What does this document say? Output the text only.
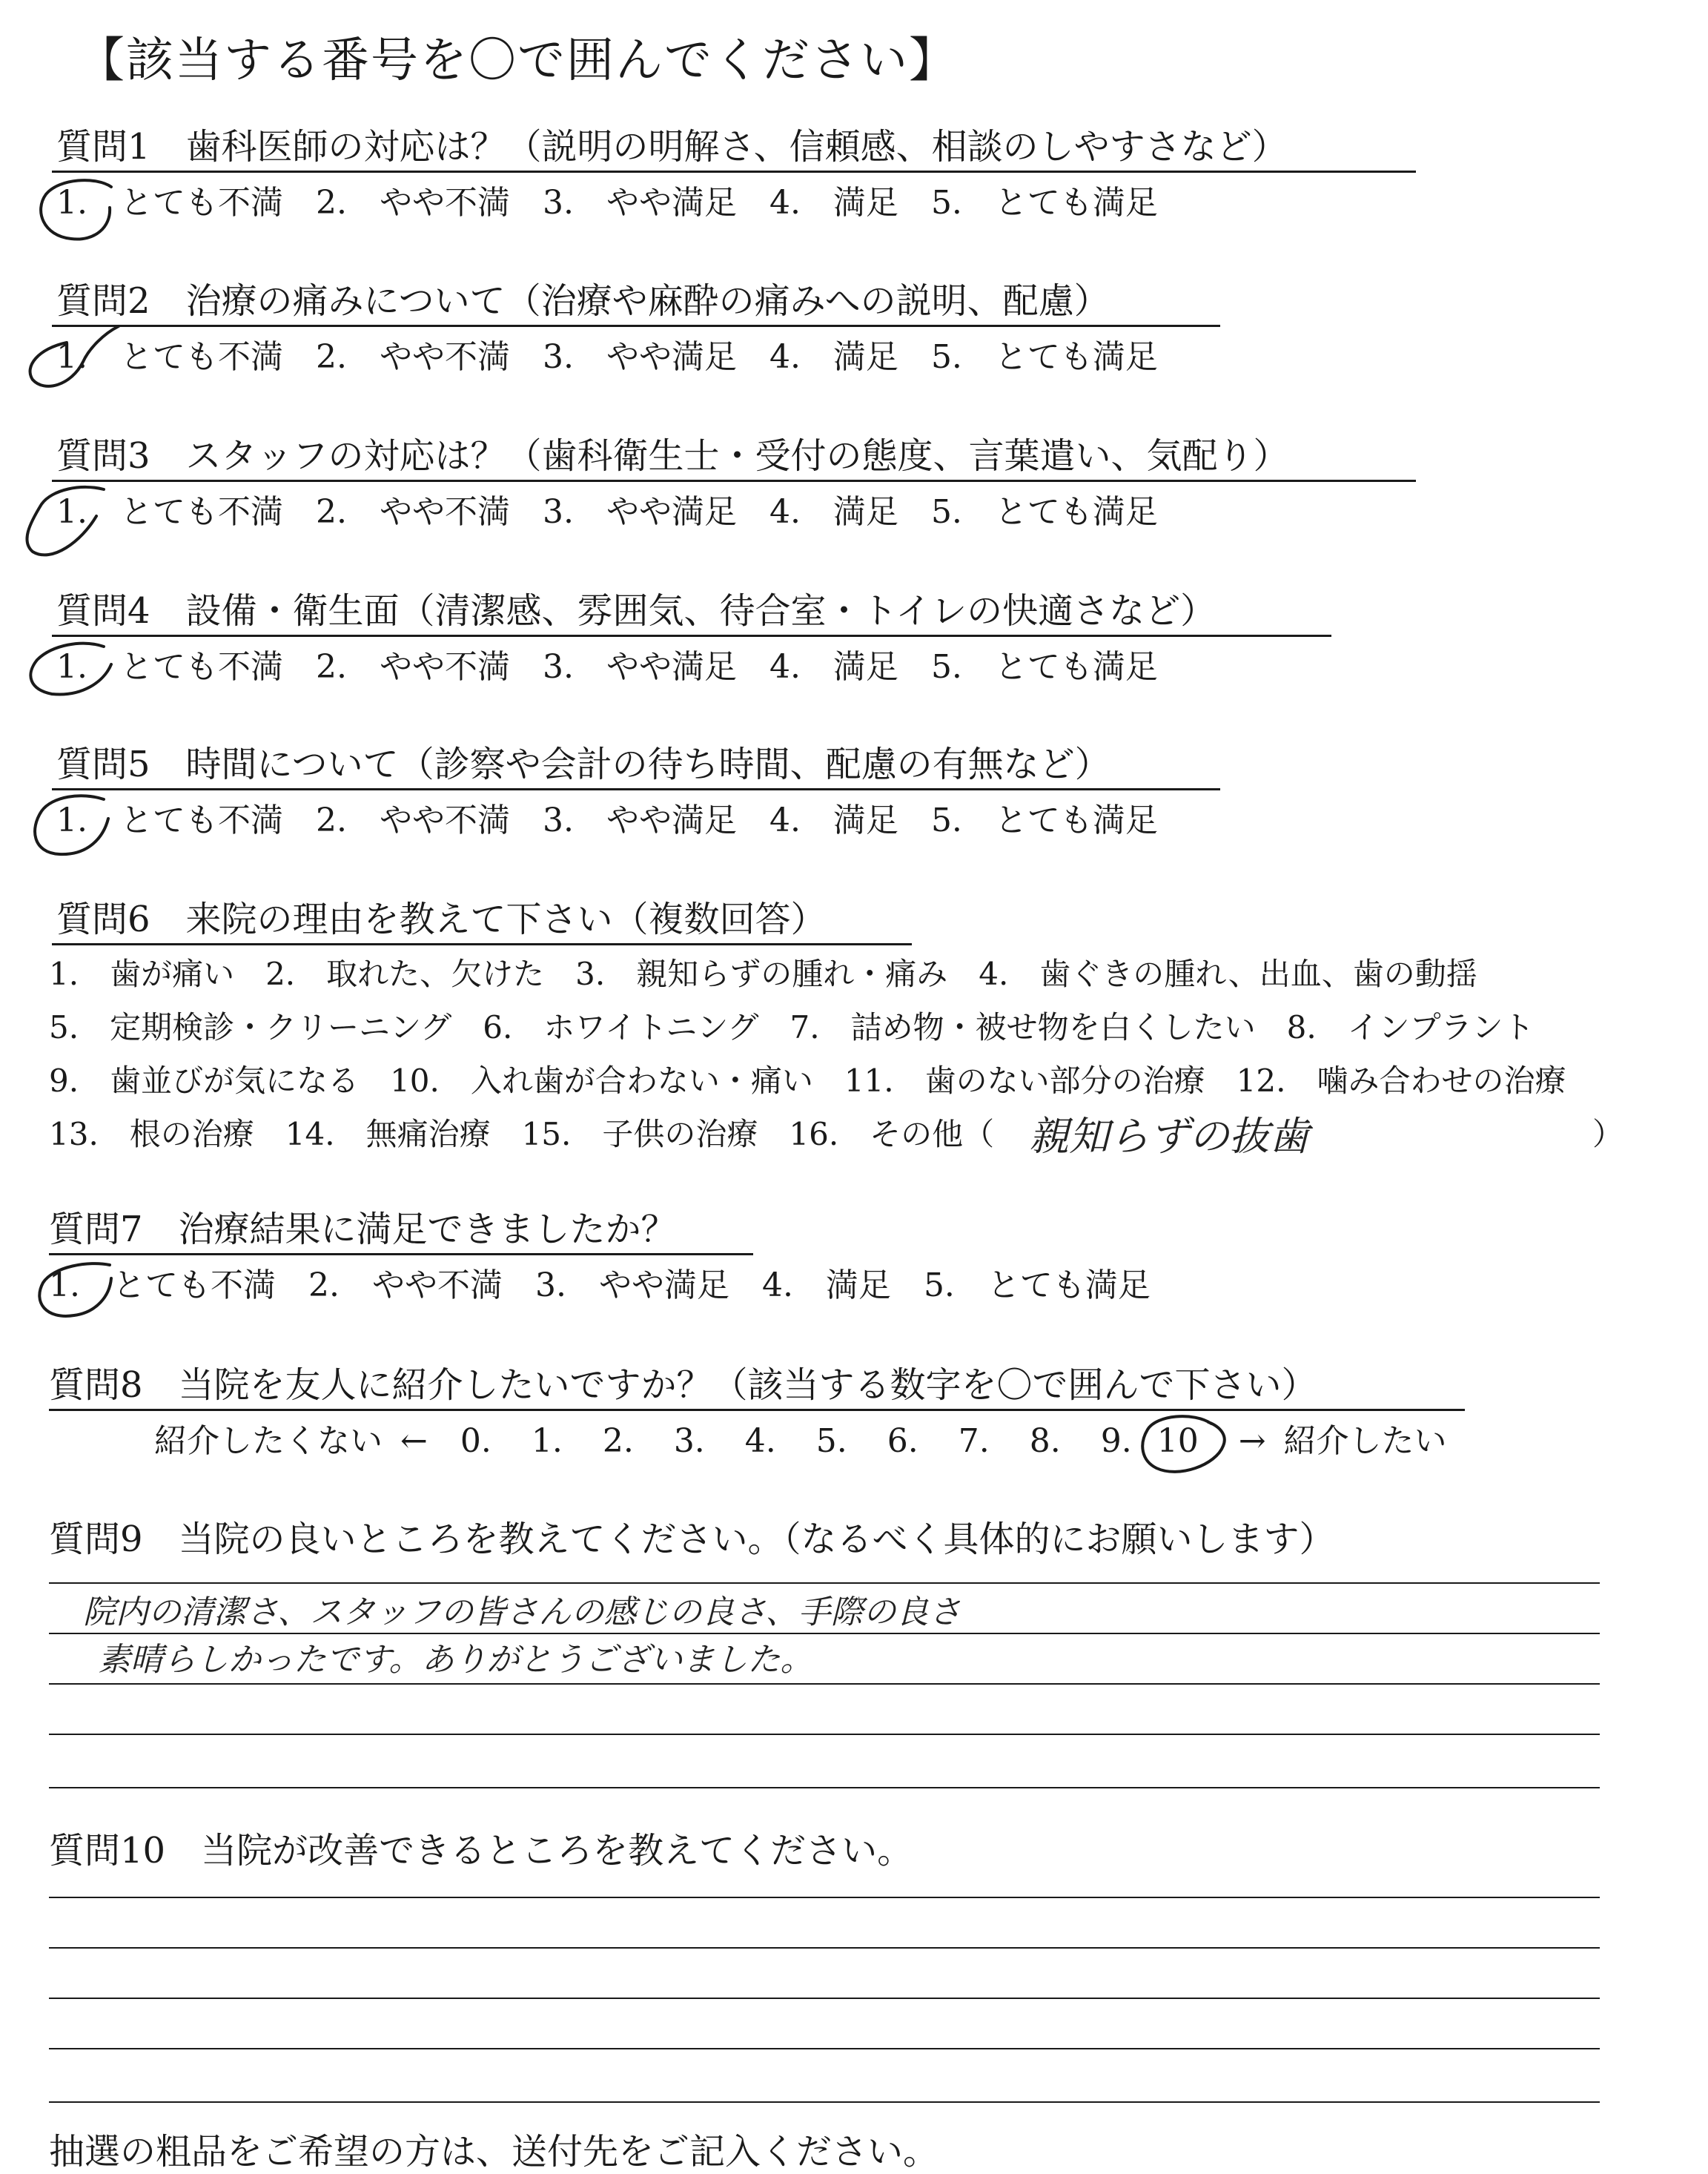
【該当する番号を〇で囲んでください】
質問1　歯科医師の対応は？（説明の明解さ、信頼感、相談のしやすさなど）
1.　とても不満 2.　やや不満 3.　やや満足 4.　満足 5.　とても満足
質問2　治療の痛みについて（治療や麻酔の痛みへの説明、配慮）
1.　とても不満 2.　やや不満 3.　やや満足 4.　満足 5.　とても満足
質問3　スタッフの対応は？（歯科衛生士・受付の態度、言葉遣い、気配り）
1.　とても不満 2.　やや不満 3.　やや満足 4.　満足 5.　とても満足
質問4　設備・衛生面（清潔感、雰囲気、待合室・トイレの快適さなど）
1.　とても不満 2.　やや不満 3.　やや満足 4.　満足 5.　とても満足
質問5　時間について（診察や会計の待ち時間、配慮の有無など）
1.　とても不満 2.　やや不満 3.　やや満足 4.　満足 5.　とても満足
質問6　来院の理由を教えて下さい（複数回答）
1.　歯が痛い　2.　取れた、欠けた　3.　親知らずの腫れ・痛み　4.　歯ぐきの腫れ、出血、歯の動揺
5.　定期検診・クリーニング　6.　ホワイトニング　7.　詰め物・被せ物を白くしたい　8.　インプラント
9.　歯並びが気になる　10.　入れ歯が合わない・痛い　11.　歯のない部分の治療　12.　噛み合わせの治療
13.　根の治療　14.　無痛治療　15.　子供の治療　16.　その他（ 親知らずの抜歯	）
質問7　治療結果に満足できましたか？
1.　とても不満 2.　やや不満 3.　やや満足 4.　満足 5.　とても満足
質問8　当院を友人に紹介したいですか？（該当する数字を〇で囲んで下さい）
紹介したくない ← 0. 1. 2. 3. 4. 5. 6. 7. 8. 9. 10 → 紹介したい
質問9　当院の良いところを教えてください。（なるべく具体的にお願いします）
院内の清潔さ、スタッフの皆さんの感じの良さ、手際の良さ
素晴らしかったです。ありがとうございました。
質問10　当院が改善できるところを教えてください。
抽選の粗品をご希望の方は、送付先をご記入ください。
